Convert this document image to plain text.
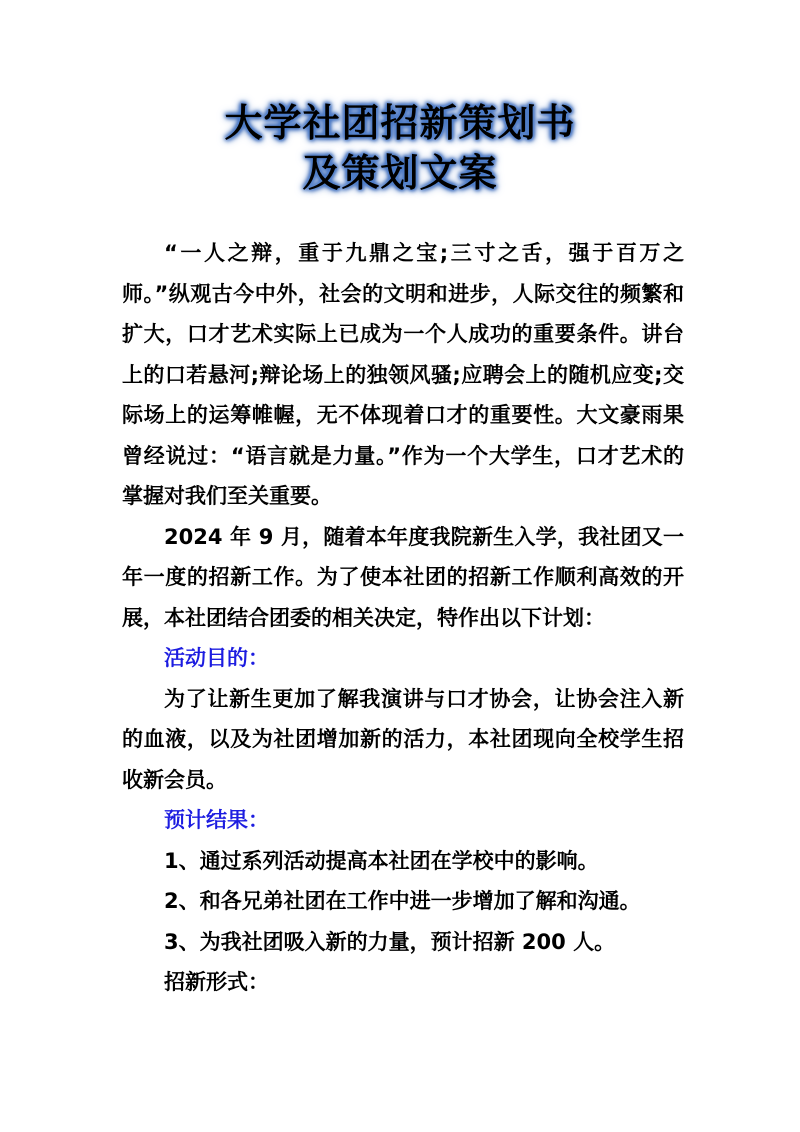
大学社团招新策划书
及策划文案

“一人之辩，重于九鼎之宝;三寸之舌，强于百万之师。”纵观古今中外，社会的文明和进步，人际交往的频繁和扩大，口才艺术实际上已成为一个人成功的重要条件。讲台上的口若悬河;辩论场上的独领风骚;应聘会上的随机应变;交际场上的运筹帷幄，无不体现着口才的重要性。大文豪雨果曾经说过：“语言就是力量。”作为一个大学生，口才艺术的掌握对我们至关重要。

2024 年 9 月，随着本年度我院新生入学，我社团又一年一度的招新工作。为了使本社团的招新工作顺利高效的开展，本社团结合团委的相关决定，特作出以下计划：

活动目的：

为了让新生更加了解我演讲与口才协会，让协会注入新的血液，以及为社团增加新的活力，本社团现向全校学生招收新会员。

预计结果：

1、通过系列活动提高本社团在学校中的影响。

2、和各兄弟社团在工作中进一步增加了解和沟通。

3、为我社团吸入新的力量，预计招新 200 人。

招新形式：
